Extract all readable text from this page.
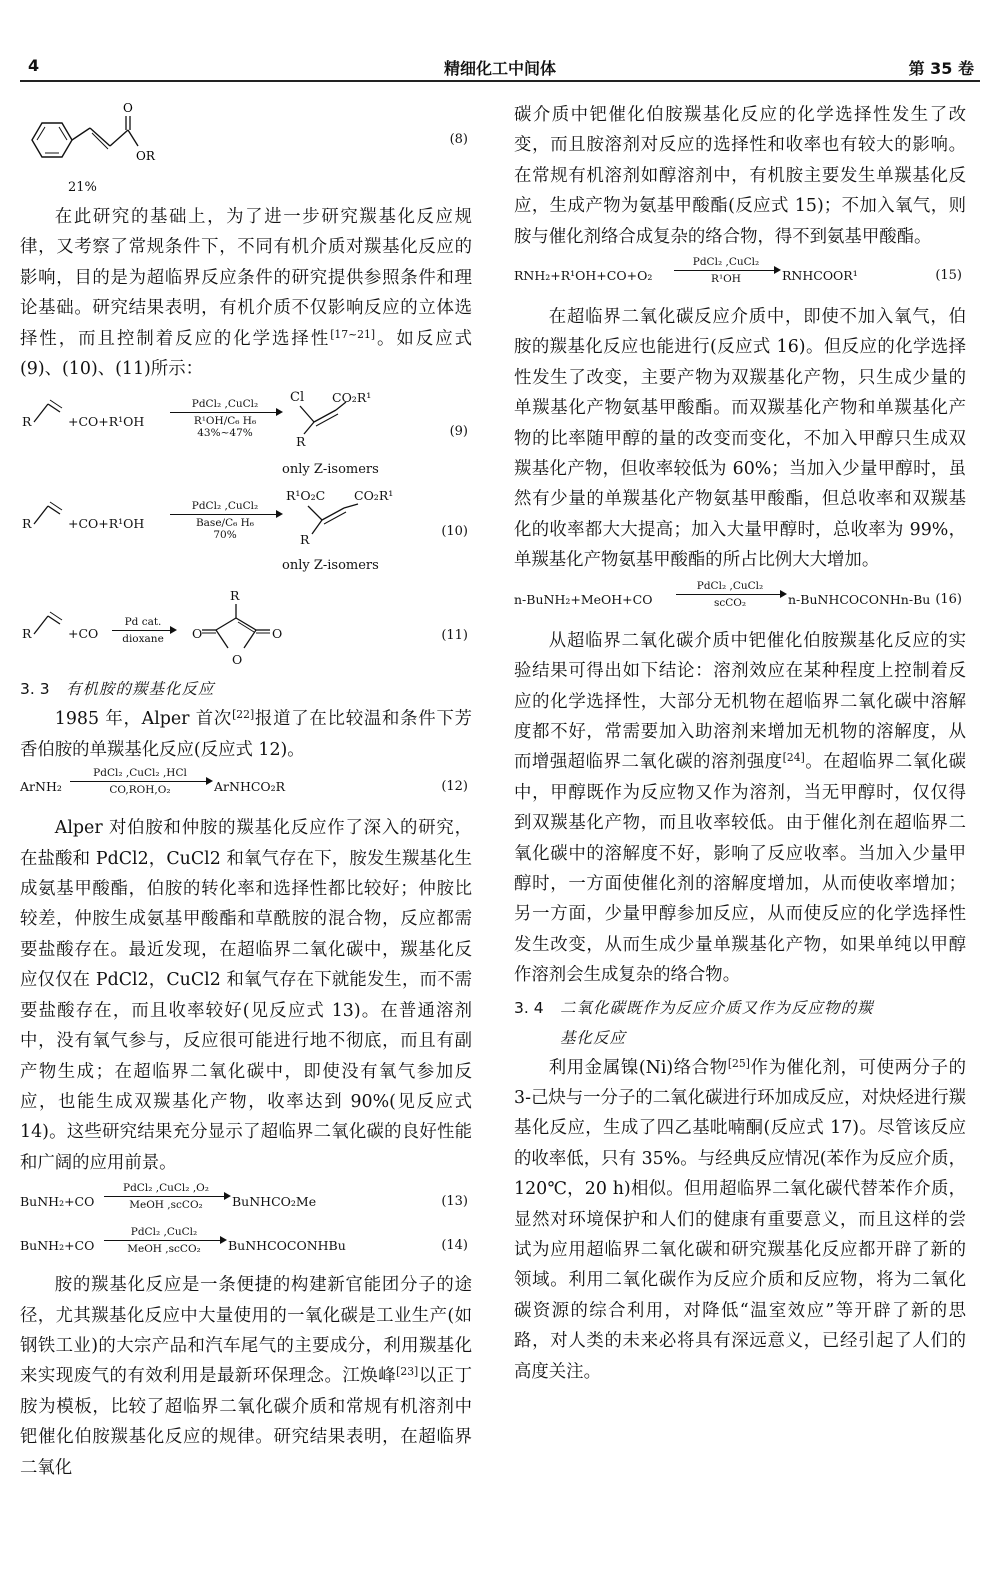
4	精细化工中间体	第 35 卷
O
OR
21%
(8)

在此研究的基础上，为了进一步研究羰基化反应规律，又考察了常规条件下，不同有机介质对羰基化反应的影响，目的是为超临界反应条件的研究提供参照条件和理论基础。研究结果表明，有机介质不仅影响反应的立体选择性，而且控制着反应的化学选择性[17~21]。如反应式(9)、(10)、(11)所示：

R	+CO+R¹OH
PdCl₂ ,CuCl₂
R¹OH/C₆ H₆
43%~47%
Cl CO₂R¹
R
(9)
only Z-isomers
R	+CO+R¹OH
PdCl₂ ,CuCl₂
Base/C₆ H₆
70%
R¹O₂C CO₂R¹
R
(10)
only Z-isomers
R	+CO
Pd cat.
dioxane
R
O	O
O
(11)
3. 3 有机胺的羰基化反应

1985 年，Alper 首次[22]报道了在比较温和条件下芳香伯胺的单羰基化反应(反应式 12)。

ArNH₂
PdCl₂ ,CuCl₂ ,HCl
CO,ROH,O₂	ArNHCO₂R	(12)

Alper 对伯胺和仲胺的羰基化反应作了深入的研究，在盐酸和 PdCl2，CuCl2 和氧气存在下，胺发生羰基化生成氨基甲酸酯，伯胺的转化率和选择性都比较好；仲胺比较差，仲胺生成氨基甲酸酯和草酰胺的混合物，反应都需要盐酸存在。最近发现，在超临界二氧化碳中，羰基化反应仅仅在 PdCl2，CuCl2 和氧气存在下就能发生，而不需要盐酸存在，而且收率较好(见反应式 13)。在普通溶剂中，没有氧气参与，反应很可能进行地不彻底，而且有副产物生成；在超临界二氧化碳中，即使没有氧气参加反应，也能生成双羰基化产物，收率达到 90%(见反应式 14)。这些研究结果充分显示了超临界二氧化碳的良好性能和广阔的应用前景。

BuNH₂+CO
PdCl₂ ,CuCl₂ ,O₂
MeOH ,scCO₂	BuNHCO₂Me	(13)
BuNH₂+CO
PdCl₂ ,CuCl₂
MeOH ,scCO₂	BuNHCOCONHBu	(14)

胺的羰基化反应是一条便捷的构建新官能团分子的途径，尤其羰基化反应中大量使用的一氧化碳是工业生产(如钢铁工业)的大宗产品和汽车尾气的主要成分，利用羰基化来实现废气的有效利用是最新环保理念。江焕峰[23]以正丁胺为模板，比较了超临界二氧化碳介质和常规有机溶剂中钯催化伯胺羰基化反应的规律。研究结果表明，在超临界二氧化

碳介质中钯催化伯胺羰基化反应的化学选择性发生了改变，而且胺溶剂对反应的选择性和收率也有较大的影响。在常规有机溶剂如醇溶剂中，有机胺主要发生单羰基化反应，生成产物为氨基甲酸酯(反应式 15)；不加入氧气，则胺与催化剂络合成复杂的络合物，得不到氨基甲酸酯。

RNH₂+R¹OH+CO+O₂
PdCl₂ ,CuCl₂
R¹OH	RNHCOOR¹	(15)

在超临界二氧化碳反应介质中，即使不加入氧气，伯胺的羰基化反应也能进行(反应式 16)。但反应的化学选择性发生了改变，主要产物为双羰基化产物，只生成少量的单羰基化产物氨基甲酸酯。而双羰基化产物和单羰基化产物的比率随甲醇的量的改变而变化，不加入甲醇只生成双羰基化产物，但收率较低为 60%；当加入少量甲醇时，虽然有少量的单羰基化产物氨基甲酸酯，但总收率和双羰基化的收率都大大提高；加入大量甲醇时，总收率为 99%，单羰基化产物氨基甲酸酯的所占比例大大增加。

n-BuNH₂+MeOH+CO
PdCl₂ ,CuCl₂
scCO₂	n-BuNHCOCONHn-Bu (16)

从超临界二氧化碳介质中钯催化伯胺羰基化反应的实验结果可得出如下结论：溶剂效应在某种程度上控制着反应的化学选择性，大部分无机物在超临界二氧化碳中溶解度都不好，常需要加入助溶剂来增加无机物的溶解度，从而增强超临界二氧化碳的溶剂强度[24]。在超临界二氧化碳中，甲醇既作为反应物又作为溶剂，当无甲醇时，仅仅得到双羰基化产物，而且收率较低。由于催化剂在超临界二氧化碳中的溶解度不好，影响了反应收率。当加入少量甲醇时，一方面使催化剂的溶解度增加，从而使收率增加；另一方面，少量甲醇参加反应，从而使反应的化学选择性发生改变，从而生成少量单羰基化产物，如果单纯以甲醇作溶剂会生成复杂的络合物。

3. 4 二氧化碳既作为反应介质又作为反应物的羰
基化反应

利用金属镍(Ni)络合物[25]作为催化剂，可使两分子的 3-己炔与一分子的二氧化碳进行环加成反应，对炔烃进行羰基化反应，生成了四乙基吡喃酮(反应式 17)。尽管该反应的收率低，只有 35%。与经典反应情况(苯作为反应介质，120℃，20 h)相似。但用超临界二氧化碳代替苯作介质，显然对环境保护和人们的健康有重要意义，而且这样的尝试为应用超临界二氧化碳和研究羰基化反应都开辟了新的领域。利用二氧化碳作为反应介质和反应物，将为二氧化碳资源的综合利用，对降低“温室效应”等开辟了新的思路，对人类的未来必将具有深远意义，已经引起了人们的高度关注。
